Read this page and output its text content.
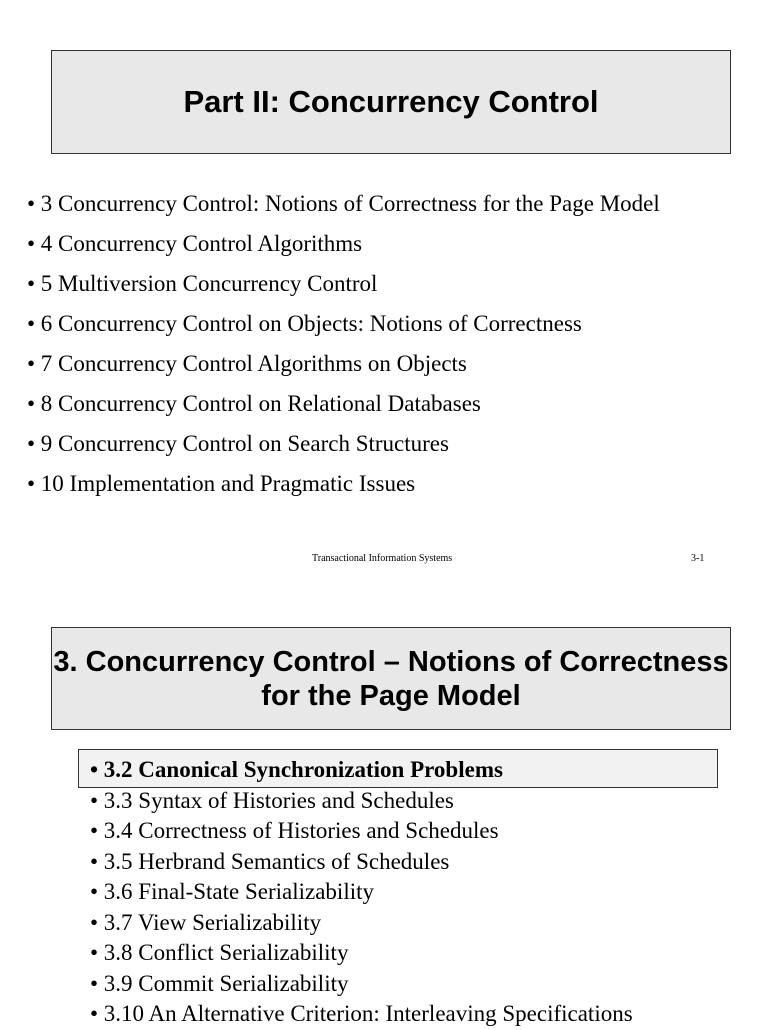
Part II: Concurrency Control
• 3 Concurrency Control: Notions of Correctness for the Page Model
• 4 Concurrency Control Algorithms
• 5 Multiversion Concurrency Control
• 6 Concurrency Control on Objects: Notions of Correctness
• 7 Concurrency Control Algorithms on Objects
• 8 Concurrency Control on Relational Databases
• 9 Concurrency Control on Search Structures
• 10 Implementation and Pragmatic Issues
Transactional Information Systems	3-1
3. Concurrency Control – Notions of Correctness for the Page Model
• 3.2 Canonical Synchronization Problems
• 3.3 Syntax of Histories and Schedules
• 3.4 Correctness of Histories and Schedules
• 3.5 Herbrand Semantics of Schedules
• 3.6 Final-State Serializability
• 3.7 View Serializability
• 3.8 Conflict Serializability
• 3.9 Commit Serializability
• 3.10 An Alternative Criterion: Interleaving Specifications
